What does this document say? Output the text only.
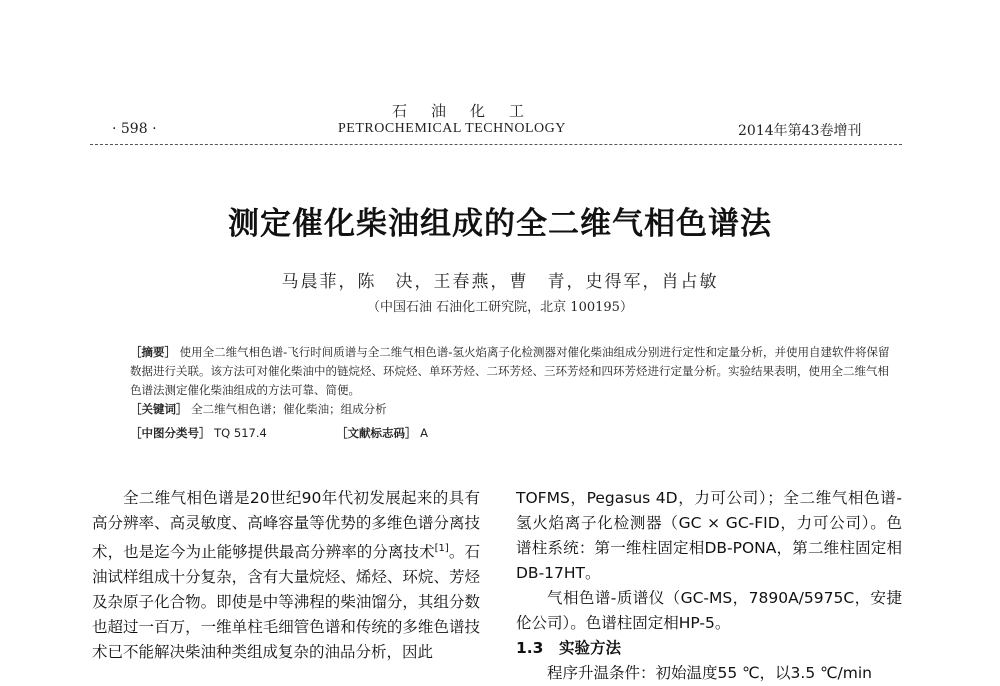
石油化工
· 598 ·	PETROCHEMICAL TECHNOLOGY	2014年第43卷增刊
测定催化柴油组成的全二维气相色谱法
马晨菲，陈　决，王春燕，曹　青，史得军，肖占敏
（中国石油 石油化工研究院，北京 100195）
［摘要］ 使用全二维气相色谱-飞行时间质谱与全二维气相色谱-氢火焰离子化检测器对催化柴油组成分别进行定性和定量分析，并使用自建软件将保留数据进行关联。该方法可对催化柴油中的链烷烃、环烷烃、单环芳烃、二环芳烃、三环芳烃和四环芳烃进行定量分析。实验结果表明，使用全二维气相色谱法测定催化柴油组成的方法可靠、简便。
［关键词］ 全二维气相色谱；催化柴油；组成分析
［中图分类号］ TQ 517.4	［文献标志码］ A

全二维气相色谱是20世纪90年代初发展起来的具有高分辨率、高灵敏度、高峰容量等优势的多维色谱分离技术，也是迄今为止能够提供最高分辨率的分离技术[1]。石油试样组成十分复杂，含有大量烷烃、烯烃、环烷、芳烃及杂原子化合物。即使是中等沸程的柴油馏分，其组分数也超过一百万，一维单柱毛细管色谱和传统的多维色谱技术已不能解决柴油种类组成复杂的油品分析，因此

TOFMS，Pegasus 4D，力可公司）；全二维气相色谱-氢火焰离子化检测器（GC × GC-FID，力可公司）。色谱柱系统：第一维柱固定相DB-PONA，第二维柱固定相DB-17HT。

气相色谱-质谱仪（GC-MS，7890A/5975C，安捷伦公司）。色谱柱固定相HP-5。

1.3　实验方法

程序升温条件：初始温度55 ℃，以3.5 ℃/min
